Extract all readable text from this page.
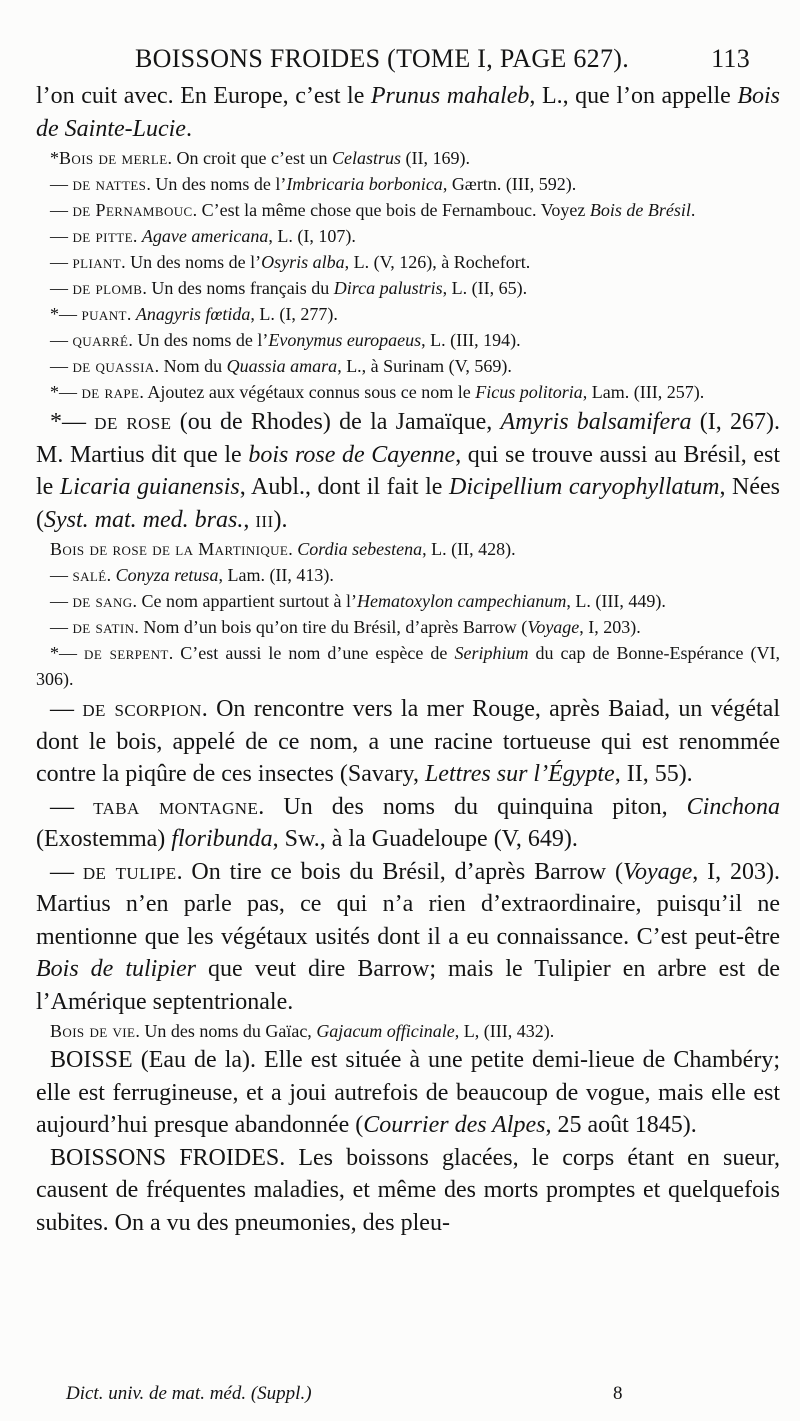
BOISSONS FROIDES (TOME I, PAGE 627).	113

l’on cuit avec. En Europe, c’est le Prunus mahaleb, L., que l’on appelle Bois de Sainte-Lucie.

*Bois de merle. On croit que c’est un Celastrus (II, 169).

— de nattes. Un des noms de l’Imbricaria borbonica, Gærtn. (III, 592).

— de Pernambouc. C’est la même chose que bois de Fernambouc. Voyez Bois de Brésil.

— de pitte. Agave americana, L. (I, 107).

— pliant. Un des noms de l’Osyris alba, L. (V, 126), à Rochefort.

— de plomb. Un des noms français du Dirca palustris, L. (II, 65).

*— puant. Anagyris fœtida, L. (I, 277).

— quarré. Un des noms de l’Evonymus europaeus, L. (III, 194).

— de quassia. Nom du Quassia amara, L., à Surinam (V, 569).

*— de rape. Ajoutez aux végétaux connus sous ce nom le Ficus politoria, Lam. (III, 257).

*— de rose (ou de Rhodes) de la Jamaïque, Amyris balsamifera (I, 267). M. Martius dit que le bois rose de Cayenne, qui se trouve aussi au Brésil, est le Licaria guianensis, Aubl., dont il fait le Dicipellium caryophyllatum, Nées (Syst. mat. med. bras., iii).

Bois de rose de la Martinique. Cordia sebestena, L. (II, 428).

— salé. Conyza retusa, Lam. (II, 413).

— de sang. Ce nom appartient surtout à l’Hematoxylon campechianum, L. (III, 449).

— de satin. Nom d’un bois qu’on tire du Brésil, d’après Barrow (Voyage, I, 203).

*— de serpent. C’est aussi le nom d’une espèce de Seriphium du cap de Bonne-Espérance (VI, 306).

— de scorpion. On rencontre vers la mer Rouge, après Baiad, un végétal dont le bois, appelé de ce nom, a une racine tortueuse qui est renommée contre la piqûre de ces insectes (Savary, Lettres sur l’Égypte, II, 55).

— taba montagne. Un des noms du quinquina piton, Cinchona (Exostemma) floribunda, Sw., à la Guadeloupe (V, 649).

— de tulipe. On tire ce bois du Brésil, d’après Barrow (Voyage, I, 203). Martius n’en parle pas, ce qui n’a rien d’extraordinaire, puisqu’il ne mentionne que les végétaux usités dont il a eu connaissance. C’est peut-être Bois de tulipier que veut dire Barrow; mais le Tulipier en arbre est de l’Amérique septentrionale.

Bois de vie. Un des noms du Gaïac, Gajacum officinale, L, (III, 432).

BOISSE (Eau de la). Elle est située à une petite demi-lieue de Chambéry; elle est ferrugineuse, et a joui autrefois de beaucoup de vogue, mais elle est aujourd’hui presque abandonnée (Courrier des Alpes, 25 août 1845).

BOISSONS FROIDES. Les boissons glacées, le corps étant en sueur, causent de fréquentes maladies, et même des morts promptes et quelquefois subites. On a vu des pneumonies, des pleu-

Dict. univ. de mat. méd. (Suppl.)	8
